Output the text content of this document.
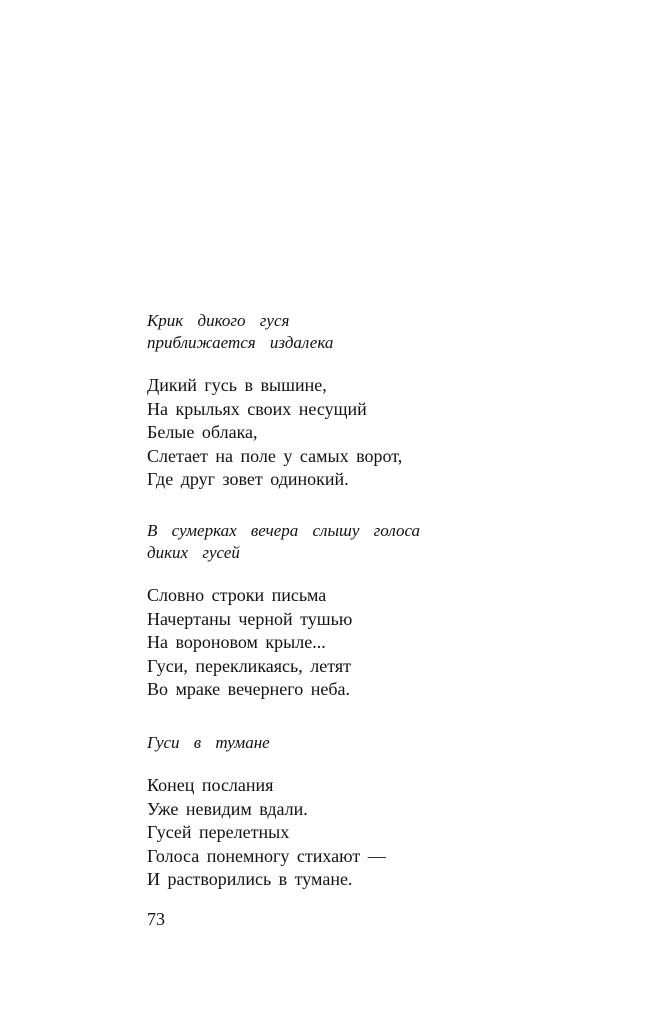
Крик дикого гуся
приближается издалека

Дикий гусь в вышине,
На крыльях своих несущий
Белые облака,
Слетает на поле у самых ворот,
Где друг зовет одинокий.

В сумерках вечера слышу голоса
диких гусей

Словно строки письма
Начертаны черной тушью
На вороновом крыле...
Гуси, перекликаясь, летят
Во мраке вечернего неба.

Гуси в тумане

Конец послания
Уже невидим вдали.
Гусей перелетных
Голоса понемногу стихают —
И растворились в тумане.

73
